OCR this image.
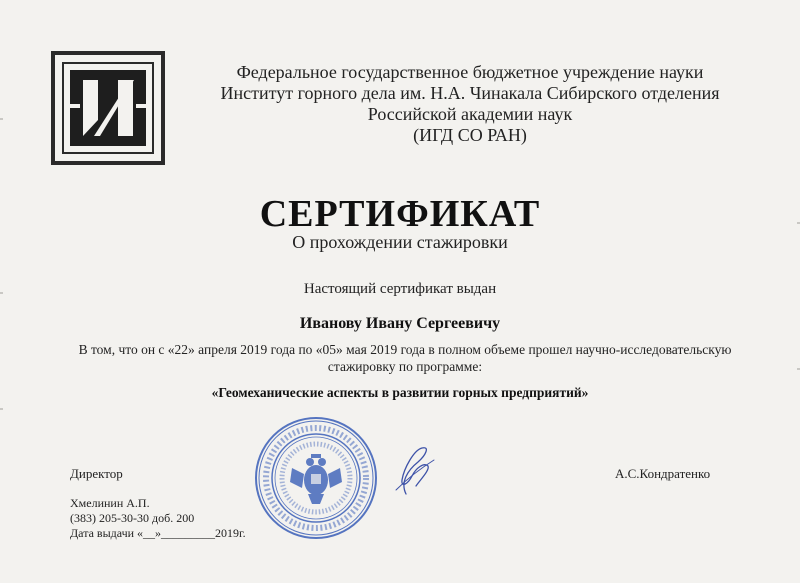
Федеральное государственное бюджетное учреждение науки
Институт горного дела им. Н.А. Чинакала Сибирского отделения
Российской академии наук
(ИГД СО РАН)
СЕРТИФИКАТ
О прохождении стажировки
Настоящий сертификат выдан
Иванову Ивану Сергеевичу
В том, что он с «22» апреля 2019 года по «05» мая 2019 года в полном объеме прошел научно-исследовательскую
стажировку по программе:
«Геомеханические аспекты в развитии горных предприятий»
Директор	А.С.Кондратенко
Хмелинин А.П.
(383) 205-30-30 доб. 200
Дата выдачи «__»_________2019г.
